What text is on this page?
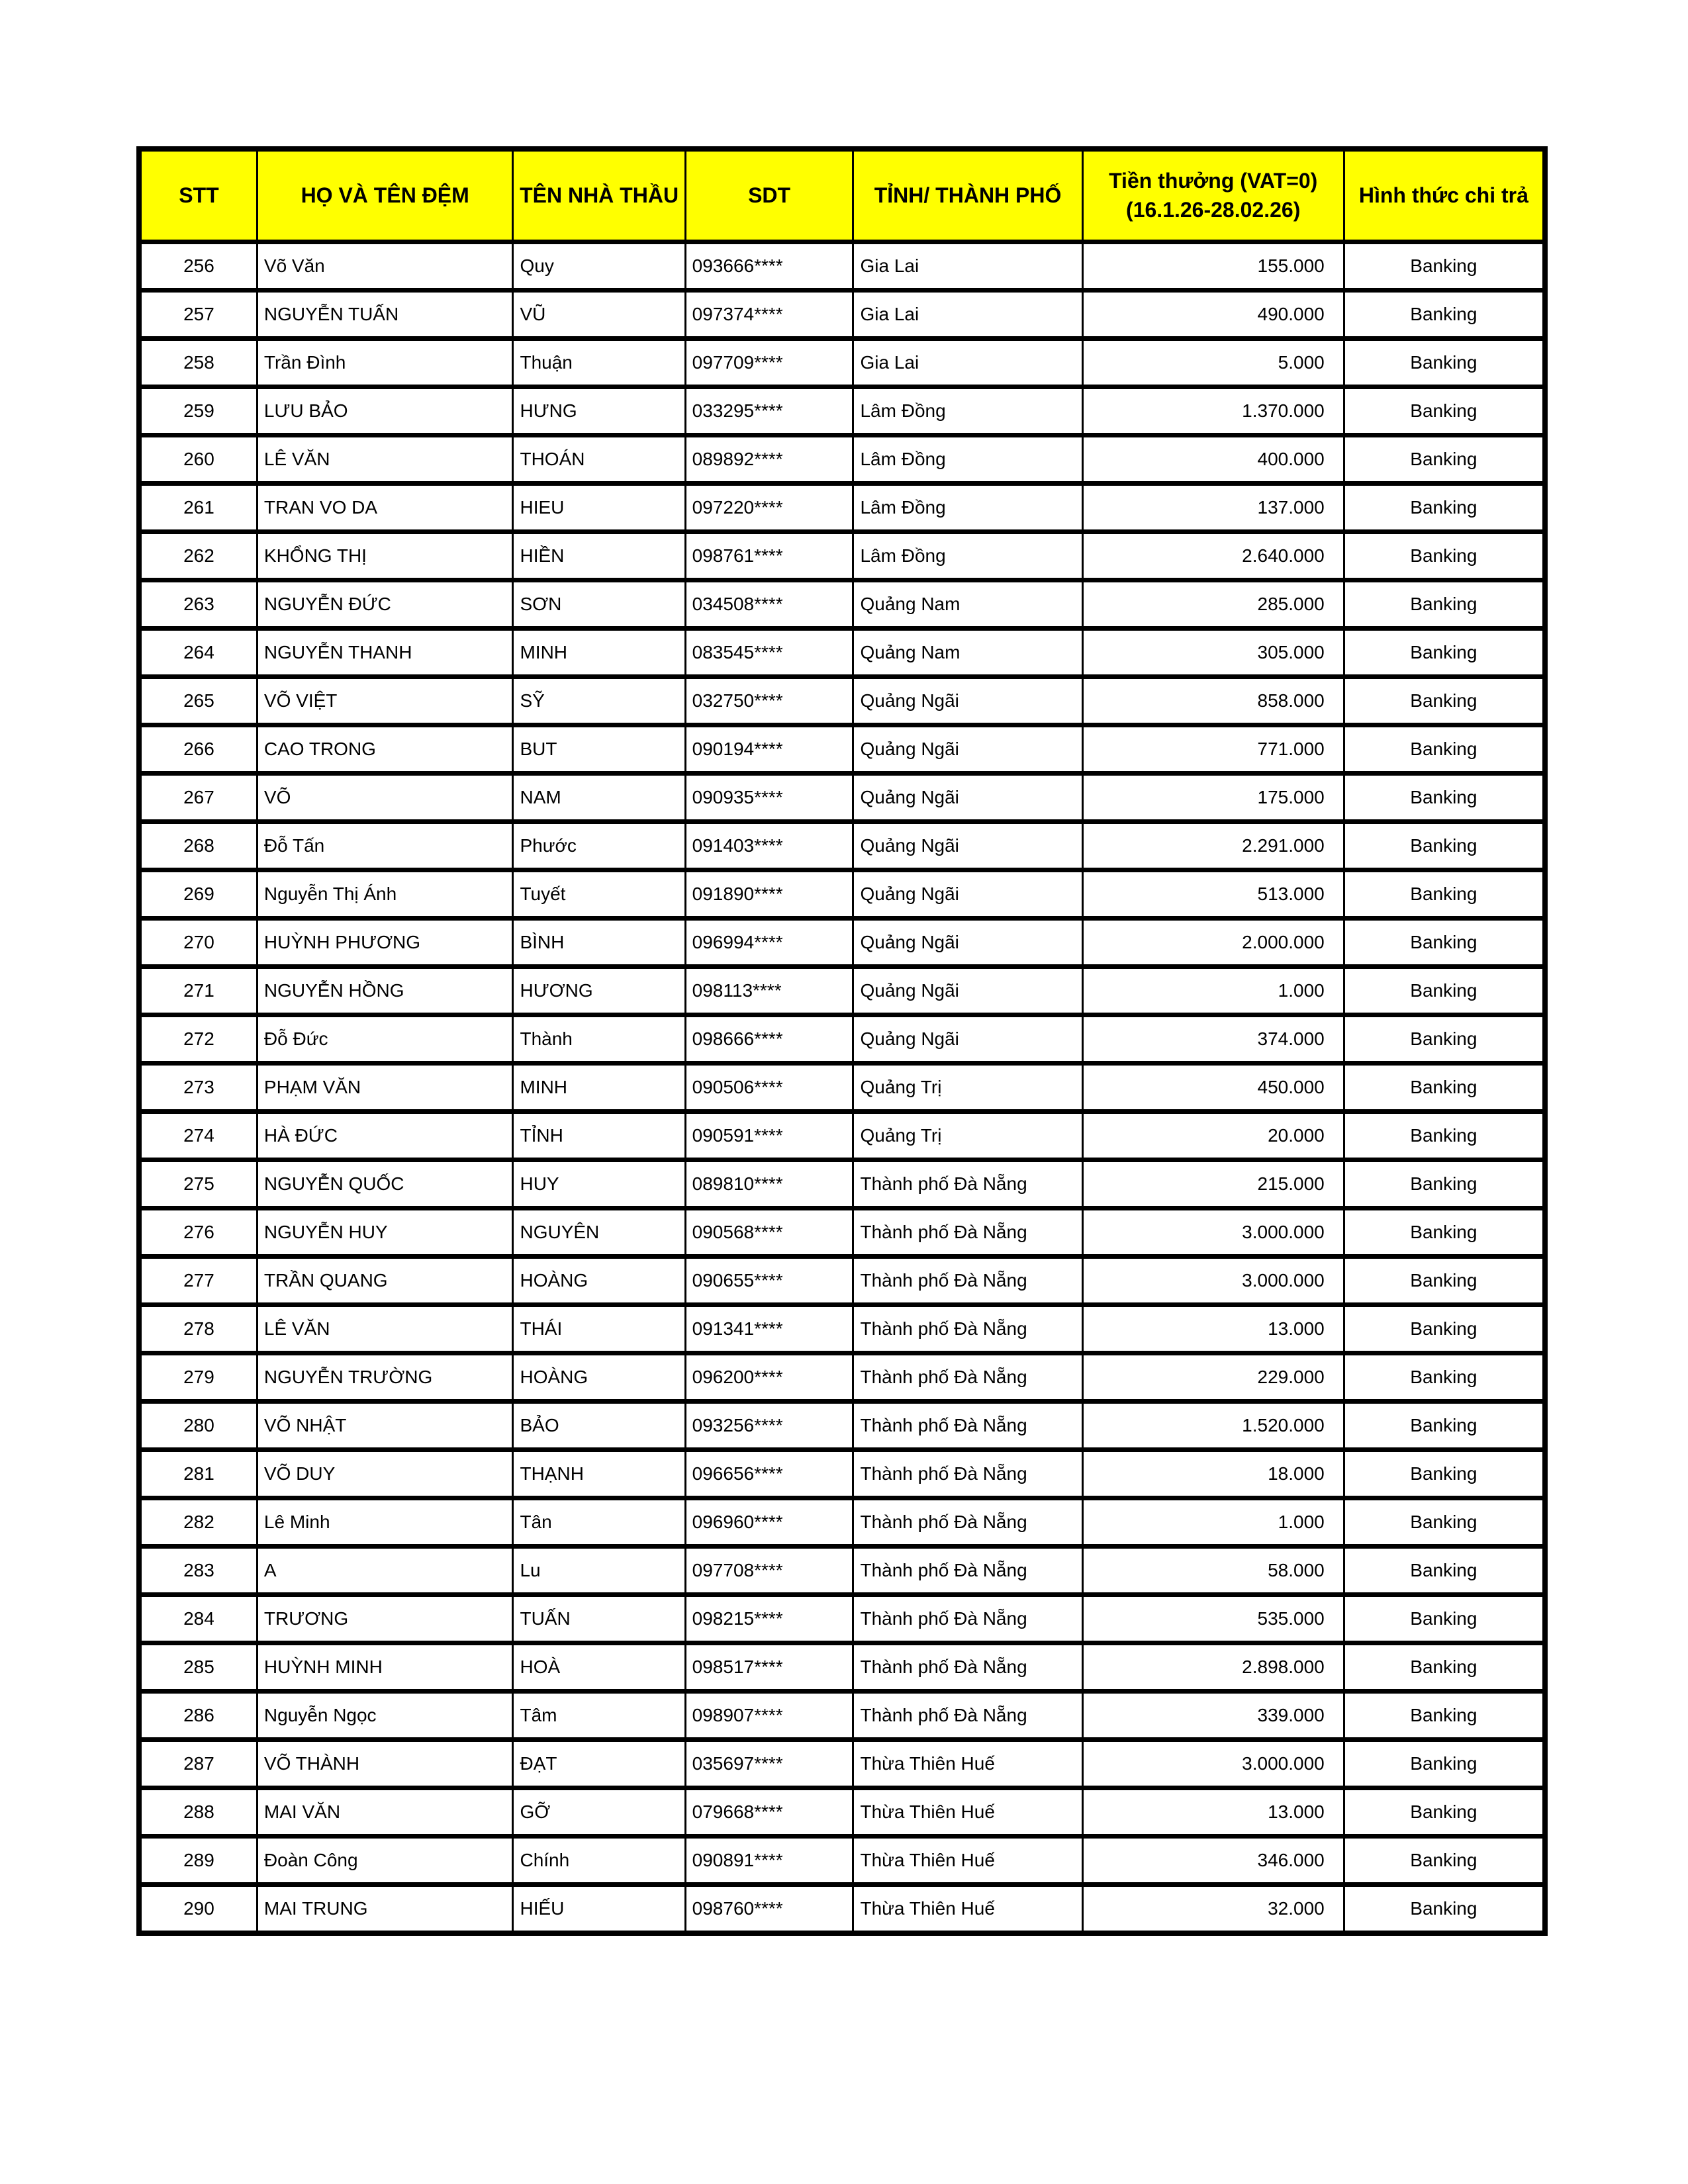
STT	HỌ VÀ TÊN ĐỆM	TÊN NHÀ THẦU	SDT	TỈNH/ THÀNH PHỐ	Tiền thưởng (VAT=0)
(16.1.26-28.02.26)	Hình thức chi trả
256	Võ Văn	Quy	093666****	Gia Lai	155.000	Banking
257	NGUYỄN TUẤN	VŨ	097374****	Gia Lai	490.000	Banking
258	Trần Đình	Thuận	097709****	Gia Lai	5.000	Banking
259	LƯU BẢO	HƯNG	033295****	Lâm Đồng	1.370.000	Banking
260	LÊ VĂN	THOÁN	089892****	Lâm Đồng	400.000	Banking
261	TRAN VO DA	HIEU	097220****	Lâm Đồng	137.000	Banking
262	KHỔNG THỊ	HIỀN	098761****	Lâm Đồng	2.640.000	Banking
263	NGUYỄN ĐỨC	SƠN	034508****	Quảng Nam	285.000	Banking
264	NGUYỄN THANH	MINH	083545****	Quảng Nam	305.000	Banking
265	VÕ VIỆT	SỸ	032750****	Quảng Ngãi	858.000	Banking
266	CAO TRONG	BUT	090194****	Quảng Ngãi	771.000	Banking
267	VÕ	NAM	090935****	Quảng Ngãi	175.000	Banking
268	Đỗ Tấn	Phước	091403****	Quảng Ngãi	2.291.000	Banking
269	Nguyễn Thị Ánh	Tuyết	091890****	Quảng Ngãi	513.000	Banking
270	HUỲNH PHƯƠNG	BÌNH	096994****	Quảng Ngãi	2.000.000	Banking
271	NGUYỄN HỒNG	HƯƠNG	098113****	Quảng Ngãi	1.000	Banking
272	Đỗ Đức	Thành	098666****	Quảng Ngãi	374.000	Banking
273	PHẠM VĂN	MINH	090506****	Quảng Trị	450.000	Banking
274	HÀ ĐỨC	TỈNH	090591****	Quảng Trị	20.000	Banking
275	NGUYỄN QUỐC	HUY	089810****	Thành phố Đà Nẵng	215.000	Banking
276	NGUYỄN HUY	NGUYÊN	090568****	Thành phố Đà Nẵng	3.000.000	Banking
277	TRẦN QUANG	HOÀNG	090655****	Thành phố Đà Nẵng	3.000.000	Banking
278	LÊ VĂN	THÁI	091341****	Thành phố Đà Nẵng	13.000	Banking
279	NGUYỄN TRƯỜNG	HOÀNG	096200****	Thành phố Đà Nẵng	229.000	Banking
280	VÕ NHẬT	BẢO	093256****	Thành phố Đà Nẵng	1.520.000	Banking
281	VÕ DUY	THẠNH	096656****	Thành phố Đà Nẵng	18.000	Banking
282	Lê Minh	Tân	096960****	Thành phố Đà Nẵng	1.000	Banking
283	A	Lu	097708****	Thành phố Đà Nẵng	58.000	Banking
284	TRƯƠNG	TUẤN	098215****	Thành phố Đà Nẵng	535.000	Banking
285	HUỲNH MINH	HOÀ	098517****	Thành phố Đà Nẵng	2.898.000	Banking
286	Nguyễn Ngọc	Tâm	098907****	Thành phố Đà Nẵng	339.000	Banking
287	VÕ THÀNH	ĐẠT	035697****	Thừa Thiên Huế	3.000.000	Banking
288	MAI VĂN	GỠ	079668****	Thừa Thiên Huế	13.000	Banking
289	Đoàn Công	Chính	090891****	Thừa Thiên Huế	346.000	Banking
290	MAI TRUNG	HIẾU	098760****	Thừa Thiên Huế	32.000	Banking
